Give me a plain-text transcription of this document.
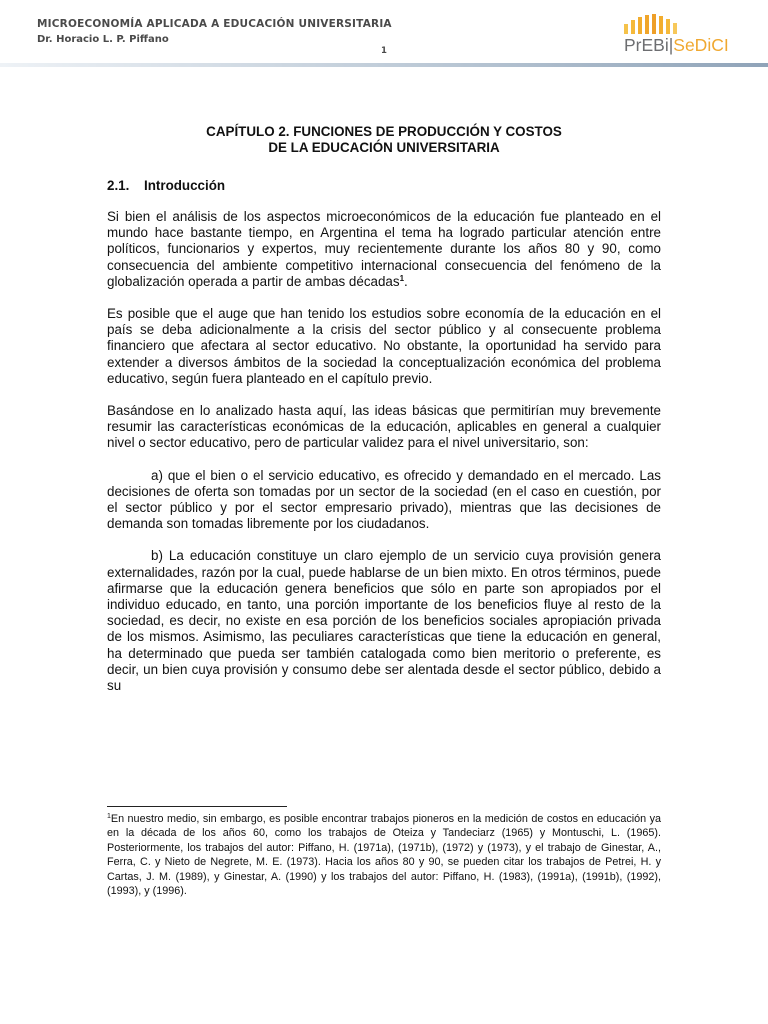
MICROECONOMÍA APLICADA A EDUCACIÓN UNIVERSITARIA
Dr. Horacio L. P. Piffano
1	PrEBi|SeDiCI
CAPÍTULO 2. FUNCIONES DE PRODUCCIÓN Y COSTOS
DE LA EDUCACIÓN UNIVERSITARIA
2.1. Introducción

Si bien el análisis de los aspectos microeconómicos de la educación fue planteado en el mundo hace bastante tiempo, en Argentina el tema ha logrado particular atención entre políticos, funcionarios y expertos, muy recientemente durante los años 80 y 90, como consecuencia del ambiente competitivo internacional consecuencia del fenómeno de la globalización operada a partir de ambas décadas$^1$.

Es posible que el auge que han tenido los estudios sobre economía de la educación en el país se deba adicionalmente a la crisis del sector público y al consecuente problema financiero que afectara al sector educativo. No obstante, la oportunidad ha servido para extender a diversos ámbitos de la sociedad la conceptualización económica del problema educativo, según fuera planteado en el capítulo previo.

Basándose en lo analizado hasta aquí, las ideas básicas que permitirían muy brevemente resumir las características económicas de la educación, aplicables en general a cualquier nivel o sector educativo, pero de particular validez para el nivel universitario, son:

a) que el bien o el servicio educativo, es ofrecido y demandado en el mercado. Las decisiones de oferta son tomadas por un sector de la sociedad (en el caso en cuestión, por el sector público y por el sector empresario privado), mientras que las decisiones de demanda son tomadas libremente por los ciudadanos.

b) La educación constituye un claro ejemplo de un servicio cuya provisión genera externalidades, razón por la cual, puede hablarse de un bien mixto. En otros términos, puede afirmarse que la educación genera beneficios que sólo en parte son apropiados por el individuo educado, en tanto, una porción importante de los beneficios fluye al resto de la sociedad, es decir, no existe en esa porción de los beneficios sociales apropiación privada de los mismos. Asimismo, las peculiares características que tiene la educación en general, ha determinado que pueda ser también catalogada como bien meritorio o preferente, es decir, un bien cuya provisión y consumo debe ser alentada desde el sector público, debido a su

$^1$En nuestro medio, sin embargo, es posible encontrar trabajos pioneros en la medición de costos en educación ya en la década de los años 60, como los trabajos de Oteiza y Tandeciarz (1965) y Montuschi, L. (1965). Posteriormente, los trabajos del autor: Piffano, H. (1971a), (1971b), (1972) y (1973), y el trabajo de Ginestar, A., Ferra, C. y Nieto de Negrete, M. E. (1973). Hacia los años 80 y 90, se pueden citar los trabajos de Petrei, H. y Cartas, J. M. (1989), y Ginestar, A. (1990) y los trabajos del autor: Piffano, H. (1983), (1991a), (1991b), (1992), (1993), y (1996).
